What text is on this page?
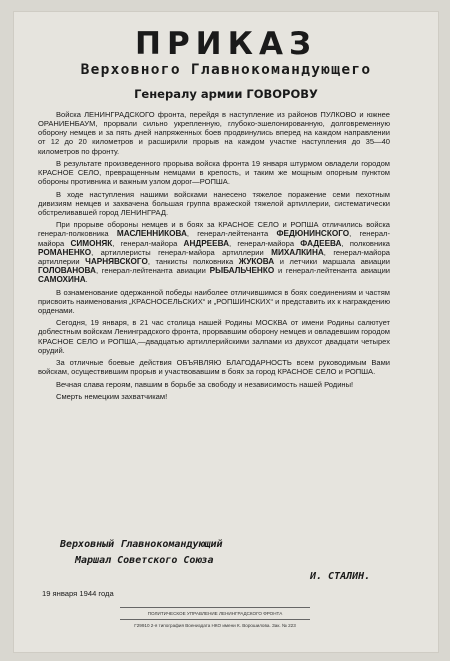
ПРИКАЗ
Верховного Главнокомандующего
Генералу армии ГОВОРОВУ

Войска ЛЕНИНГРАДСКОГО фронта, перейдя в наступление из районов ПУЛКОВО и южнее ОРАНИЕНБАУМ, прорвали сильно укрепленную, глубоко-эшелонированную, долговременную оборону немцев и за пять дней напряженных боев продвинулись вперед на каждом направлении от 12 до 20 километров и расширили прорыв на каждом участке наступления до 35—40 километров по фронту.

В результате произведенного прорыва войска фронта 19 января штурмом овладели городом КРАСНОЕ СЕЛО, превращенным немцами в крепость, и таким же мощным опорным пунктом обороны противника и важным узлом дорог—РОПША.

В ходе наступления нашими войсками нанесено тяжелое поражение семи пехотным дивизиям немцев и захвачена большая группа вражеской тяжелой артиллерии, систематически обстреливавшей город ЛЕНИНГРАД.

При прорыве обороны немцев и в боях за КРАСНОЕ СЕЛО и РОПША отличились войска генерал-полковника МАСЛЕННИКОВА, генерал-лейтенанта ФЕДЮНИНСКОГО, генерал-майора СИМОНЯК, генерал-майора АНДРЕЕВА, генерал-майора ФАДЕЕВА, полковника РОМАНЕНКО, артиллеристы генерал-майора артиллерии МИХАЛКИНА, генерал-майора артиллерии ЧАРНЯВСКОГО, танкисты полковника ЖУКОВА и летчики маршала авиации ГОЛОВАНОВА, генерал-лейтенанта авиации РЫБАЛЬЧЕНКО и генерал-лейтенанта авиации САМОХИНА.

В ознаменование одержанной победы наиболее отличившимся в боях соединениям и частям присвоить наименования „КРАСНОСЕЛЬСКИХ“ и „РОПШИНСКИХ“ и представить их к награждению орденами.

Сегодня, 19 января, в 21 час столица нашей Родины МОСКВА от имени Родины салютует доблестным войскам Ленинградского фронта, прорвавшим оборону немцев и овладевшим городом КРАСНОЕ СЕЛО и РОПША,—двадцатью артиллерийскими залпами из двухсот двадцати четырех орудий.

За отличные боевые действия ОБЪЯВЛЯЮ БЛАГОДАРНОСТЬ всем руководимым Вами войскам, осуществившим прорыв и участвовавшим в боях за город КРАСНОЕ СЕЛО и РОПША.

Вечная слава героям, павшим в борьбе за свободу и независимость нашей Родины!

Смерть немецким захватчикам!

Верховный Главнокомандующий
Маршал Советского Союза
И. СТАЛИН.
19 января 1944 года
ПОЛИТИЧЕСКОЕ УПРАВЛЕНИЕ ЛЕНИНГРАДСКОГО ФРОНТА
Г29910 2-я типография Воениздата НКО имени К. Ворошилова. Зак. № 223
